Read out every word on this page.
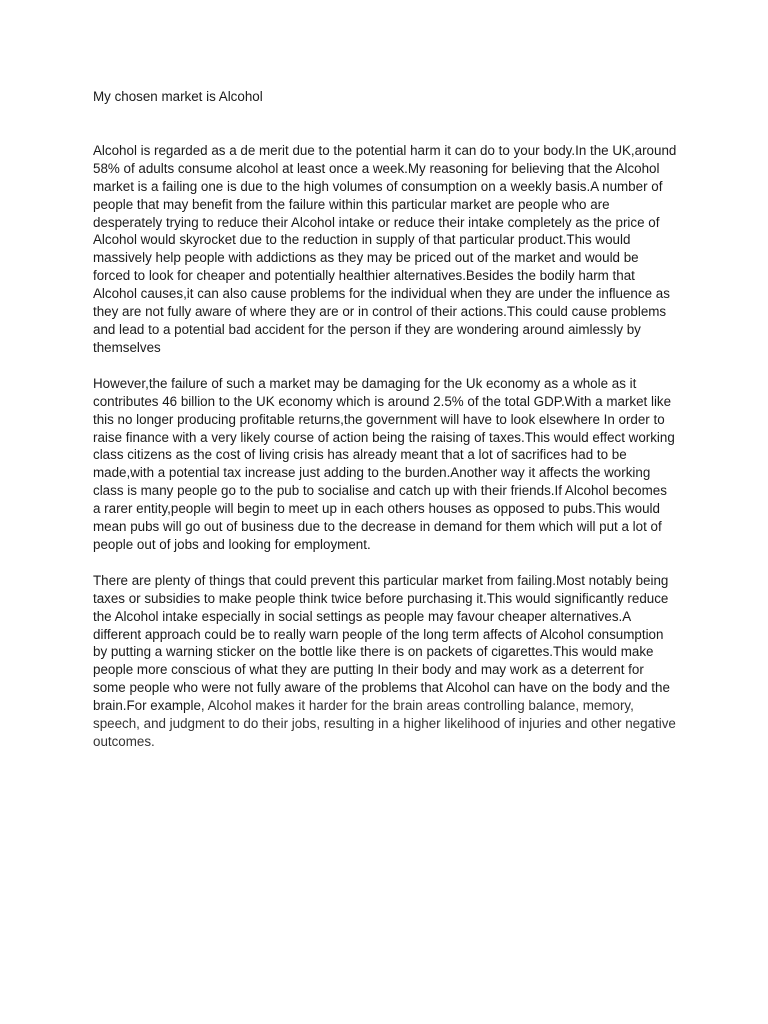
My chosen market is Alcohol

Alcohol is regarded as a de merit due to the potential harm it can do to your body.In the UK,around 58% of adults consume alcohol at least once a week.My reasoning for believing that the Alcohol market is a failing one is due to the high volumes of consumption on a weekly basis.A number of people that may benefit from the failure within this particular market are people who are desperately trying to reduce their Alcohol intake or reduce their intake completely as the price of Alcohol would skyrocket due to the reduction in supply of that particular product.This would massively help people with addictions as they may be priced out of the market and would be forced to look for cheaper and potentially healthier alternatives.Besides the bodily harm that Alcohol causes,it can also cause problems for the individual when they are under the influence as they are not fully aware of where they are or in control of their actions.This could cause problems and lead to a potential bad accident for the person if they are wondering around aimlessly by themselves

However,the failure of such a market may be damaging for the Uk economy as a whole as it contributes 46 billion to the UK economy which is around 2.5% of the total GDP.With a market like this no longer producing profitable returns,the government will have to look elsewhere In order to raise finance with a very likely course of action being the raising of taxes.This would effect working class citizens as the cost of living crisis has already meant that a lot of sacrifices had to be made,with a potential tax increase just adding to the burden.Another way it affects the working class is many people go to the pub to socialise and catch up with their friends.If Alcohol becomes a rarer entity,people will begin to meet up in each others houses as opposed to pubs.This would mean pubs will go out of business due to the decrease in demand for them which will put a lot of people out of jobs and looking for employment.

There are plenty of things that could prevent this particular market from failing.Most notably being taxes or subsidies to make people think twice before purchasing it.This would significantly reduce the Alcohol intake especially in social settings as people may favour cheaper alternatives.A different approach could be to really warn people of the long term affects of Alcohol consumption by putting a warning sticker on the bottle like there is on packets of cigarettes.This would make people more conscious of what they are putting In their body and may work as a deterrent for some people who were not fully aware of the problems that Alcohol can have on the body and the brain.For example, Alcohol makes it harder for the brain areas controlling balance, memory, speech, and judgment to do their jobs, resulting in a higher likelihood of injuries and other negative outcomes.
